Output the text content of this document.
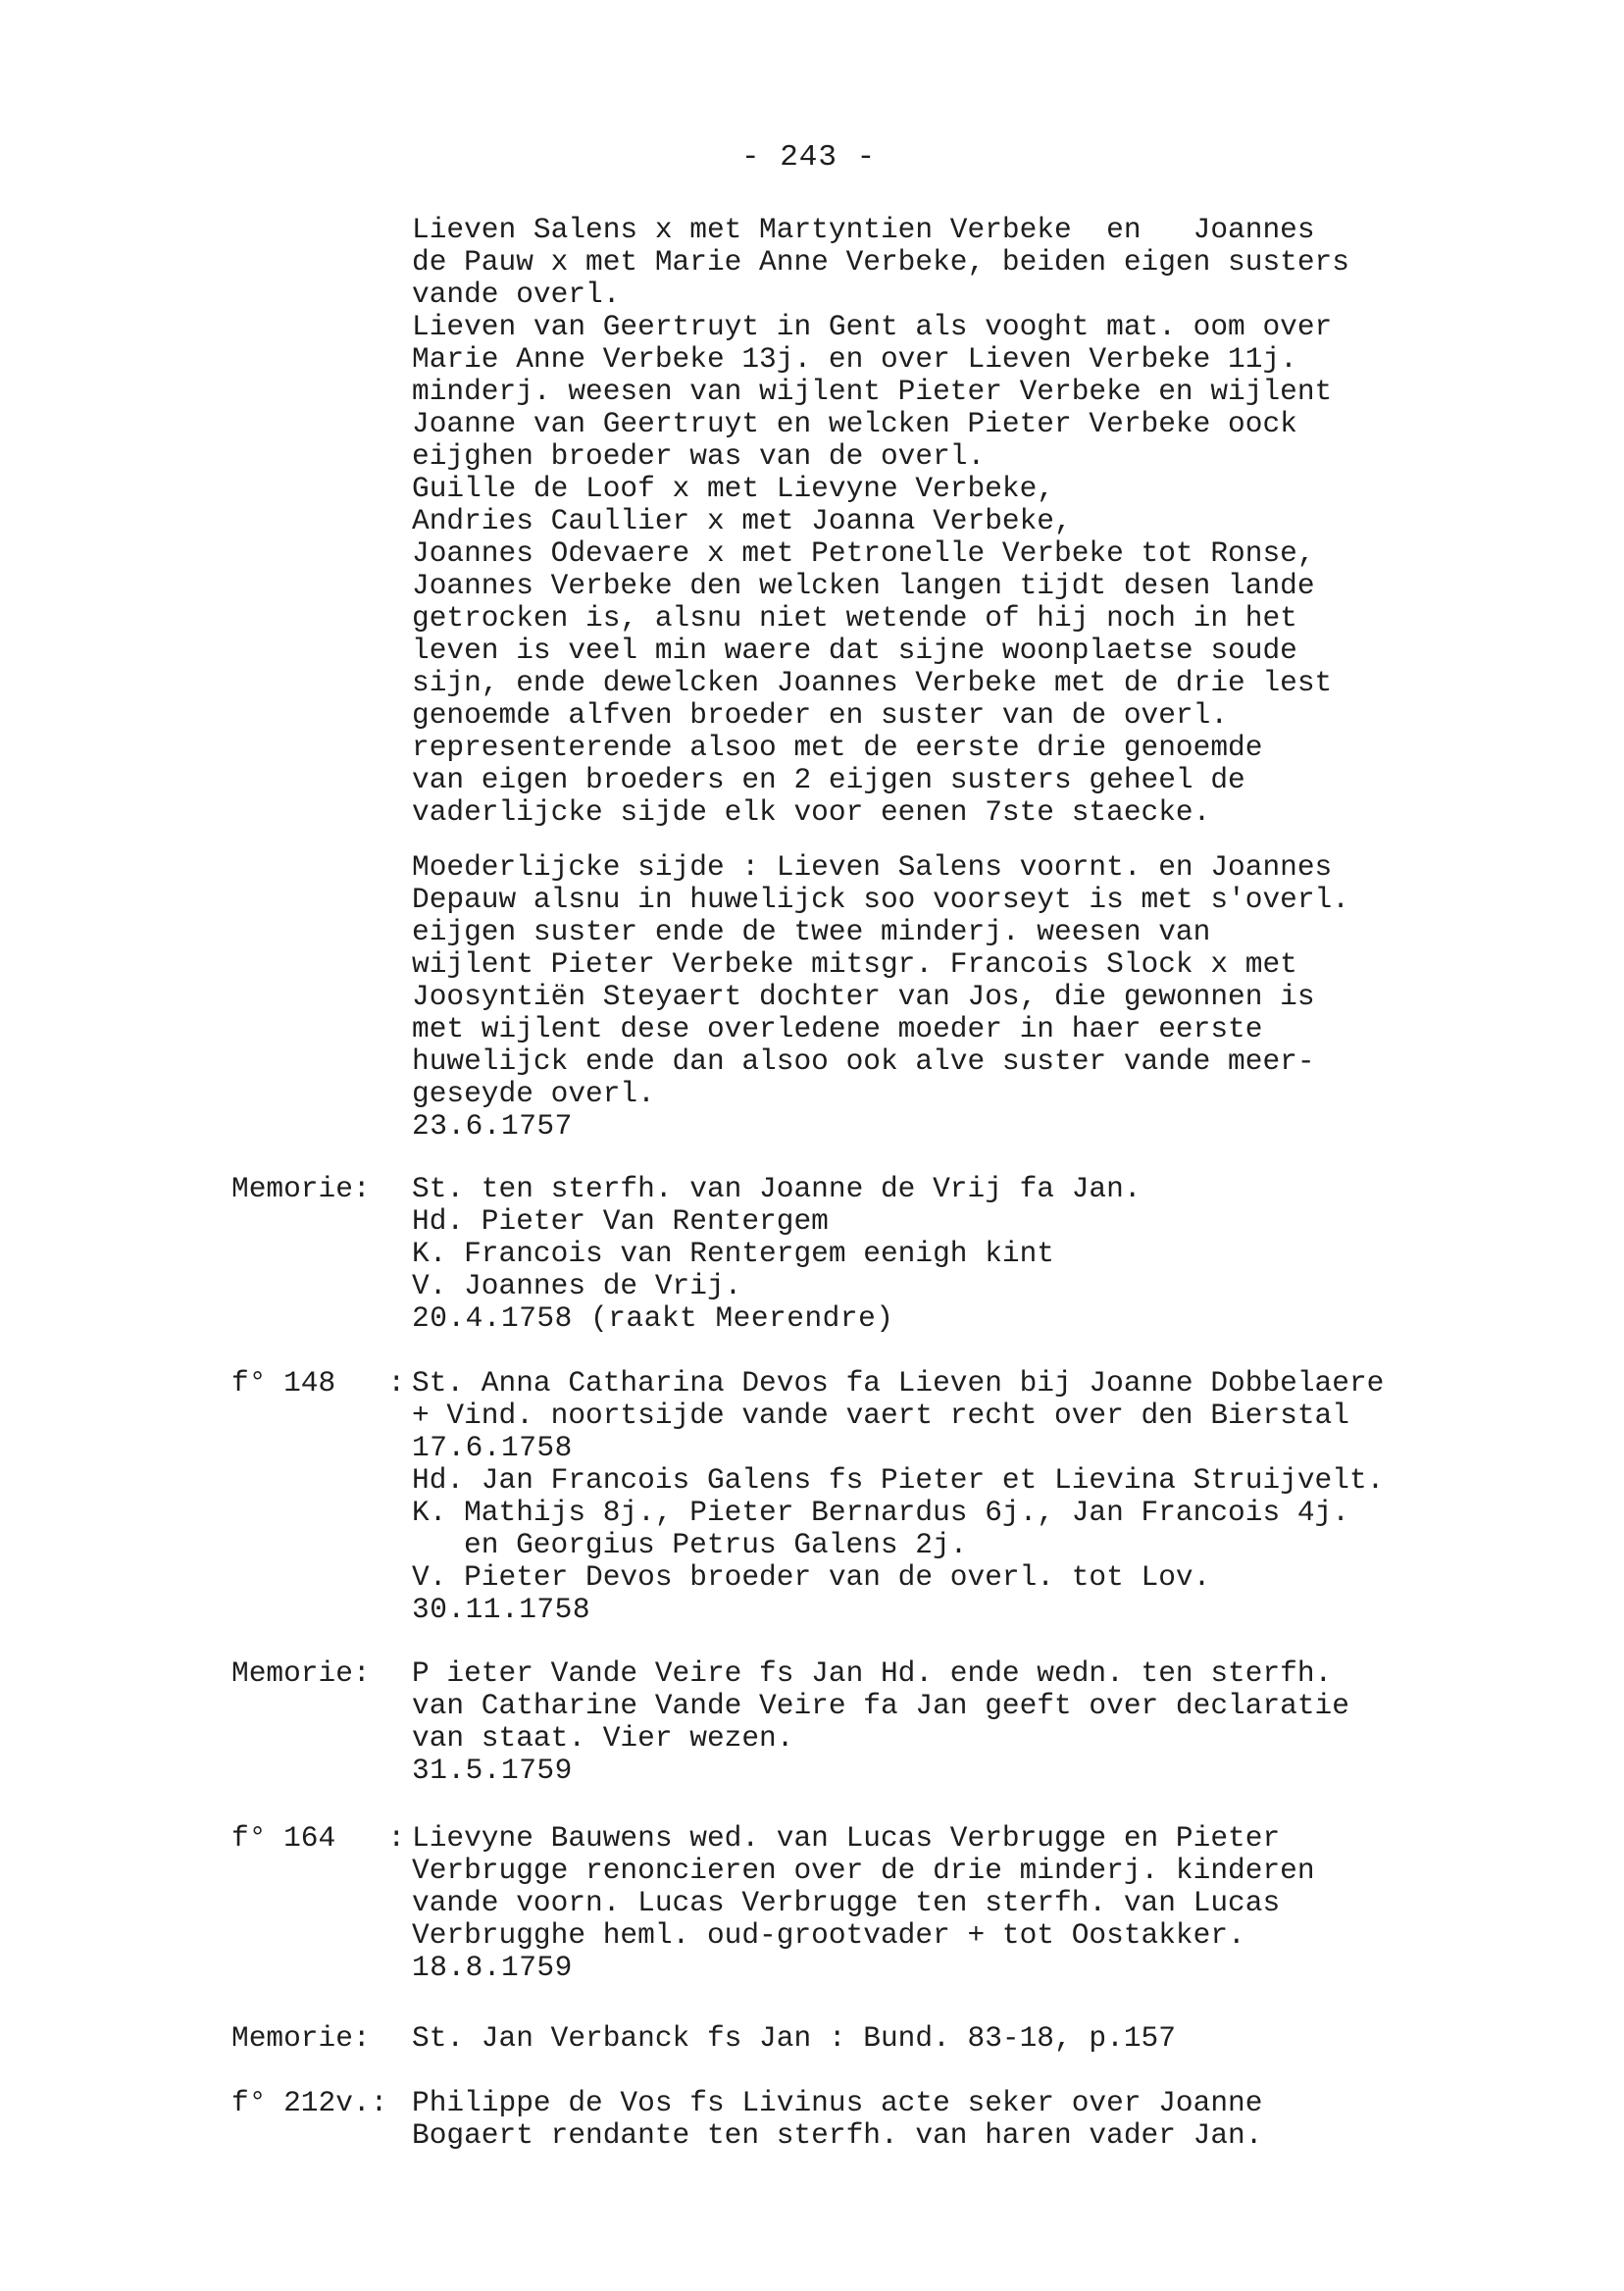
- 243 -
Lieven Salens x met Martyntien Verbeke  en   Joannes
de Pauw x met Marie Anne Verbeke, beiden eigen susters
vande overl.
Lieven van Geertruyt in Gent als vooght mat. oom over
Marie Anne Verbeke 13j. en over Lieven Verbeke 11j.
minderj. weesen van wijlent Pieter Verbeke en wijlent
Joanne van Geertruyt en welcken Pieter Verbeke oock
eijghen broeder was van de overl.
Guille de Loof x met Lievyne Verbeke,
Andries Caullier x met Joanna Verbeke,
Joannes Odevaere x met Petronelle Verbeke tot Ronse,
Joannes Verbeke den welcken langen tijdt desen lande
getrocken is, alsnu niet wetende of hij noch in het
leven is veel min waere dat sijne woonplaetse soude
sijn, ende dewelcken Joannes Verbeke met de drie lest
genoemde alfven broeder en suster van de overl.
representerende alsoo met de eerste drie genoemde
van eigen broeders en 2 eijgen susters geheel de
vaderlijcke sijde elk voor eenen 7ste staecke.
Moederlijcke sijde : Lieven Salens voornt. en Joannes
Depauw alsnu in huwelijck soo voorseyt is met s'overl.
eijgen suster ende de twee minderj. weesen van
wijlent Pieter Verbeke mitsgr. Francois Slock x met
Joosyntiën Steyaert dochter van Jos, die gewonnen is
met wijlent dese overledene moeder in haer eerste
huwelijck ende dan alsoo ook alve suster vande meer-
geseyde overl.
23.6.1757
Memorie: St. ten sterfh. van Joanne de Vrij fa Jan.
Hd. Pieter Van Rentergem
K. Francois van Rentergem eenigh kint
V. Joannes de Vrij.
20.4.1758 (raakt Meerendre)
f° 148   : St. Anna Catharina Devos fa Lieven bij Joanne Dobbelaere
+ Vind. noortsijde vande vaert recht over den Bierstal
17.6.1758
Hd. Jan Francois Galens fs Pieter et Lievina Struijvelt.
K. Mathijs 8j., Pieter Bernardus 6j., Jan Francois 4j.
en Georgius Petrus Galens 2j.
V. Pieter Devos broeder van de overl. tot Lov.
30.11.1758
Memorie: P ieter Vande Veire fs Jan Hd. ende wedn. ten sterfh.
van Catharine Vande Veire fa Jan geeft over declaratie
van staat. Vier wezen.
31.5.1759
f° 164   : Lievyne Bauwens wed. van Lucas Verbrugge en Pieter
Verbrugge renoncieren over de drie minderj. kinderen
vande voorn. Lucas Verbrugge ten sterfh. van Lucas
Verbrugghe heml. oud-grootvader + tot Oostakker.
18.8.1759
Memorie: St. Jan Verbanck fs Jan : Bund. 83-18, p.157
f° 212v.: Philippe de Vos fs Livinus acte seker over Joanne
Bogaert rendante ten sterfh. van haren vader Jan.
